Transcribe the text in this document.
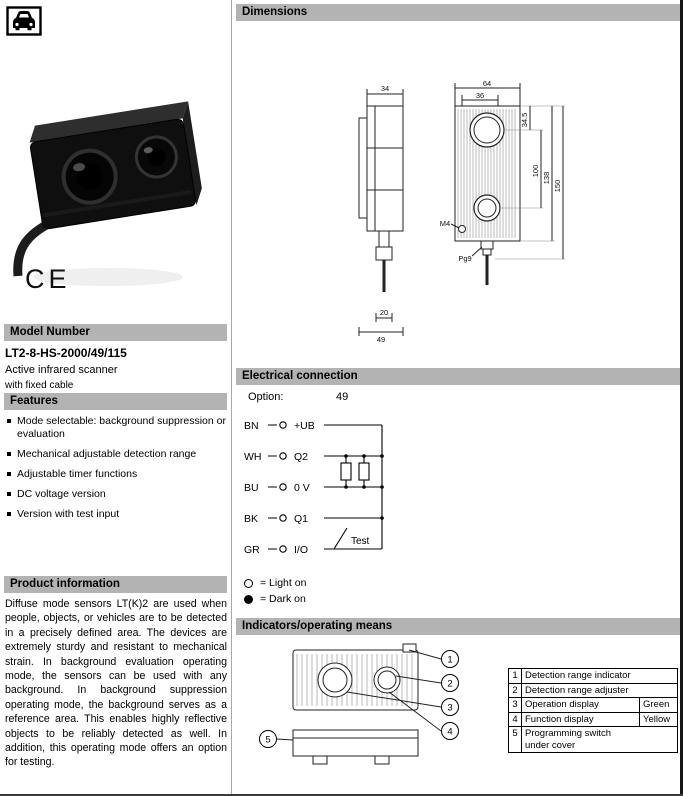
CE
Model Number
LT2-8-HS-2000/49/115
Active infrared scanner
with fixed cable
Features
Mode selectable: background suppression or evaluation
Mechanical adjustable detection range
Adjustable timer functions
DC voltage version
Version with test input
Product information
Diffuse mode sensors LT(K)2 are used when people, objects, or vehicles are to be detected in a precisely defined area. The devices are extremely sturdy and resistant to mechanical strain. In background evaluation operating mode, the sensors can be used with any background. In background suppression operating mode, the background serves as a reference area. This enables highly reflective objects to be reliably detected as well. In addition, this operating mode offers an option for testing.
Dimensions
34
20
49
64
36
M4
Pg9
34.5
100
138
150
Electrical connection
Option:	49
BN
WH
BU
BK
GR
+UB
Q2
0 V
Q1
I/O
Test
= Light on
= Dark on
Indicators/operating means
1
2
3
4
5
1	Detection range indicator	
2	Detection range adjuster	
3	Operation display	Green
4	Function display	Yellow
5	Programming switch under cover	
